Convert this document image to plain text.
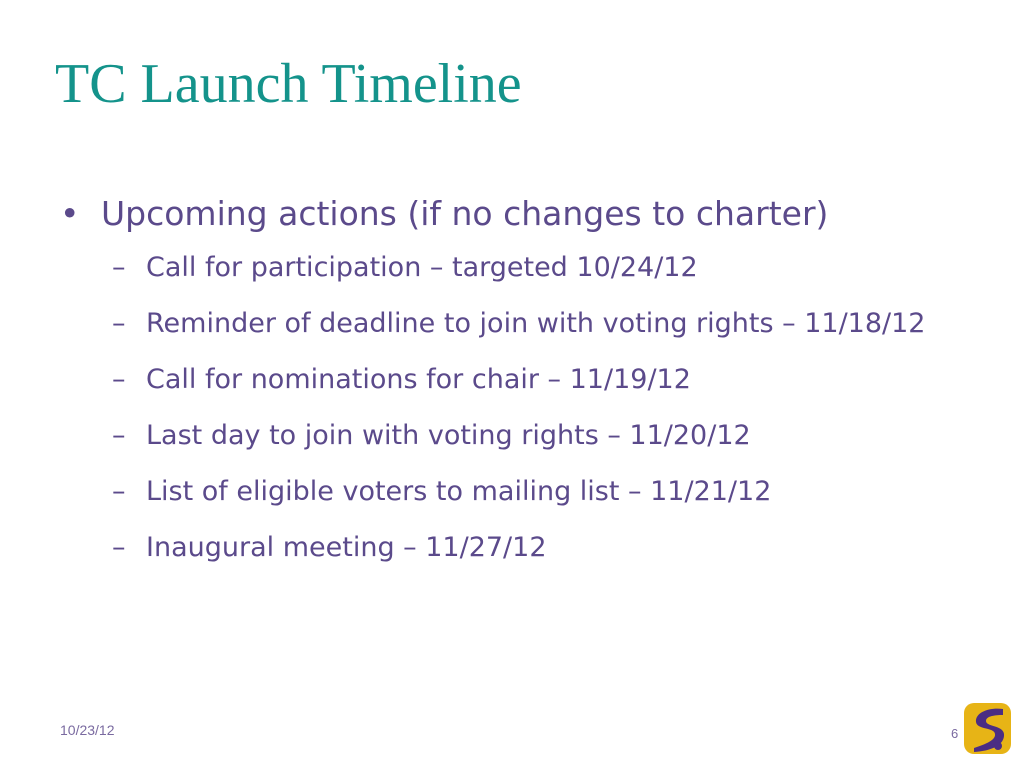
TC Launch Timeline
• Upcoming actions (if no changes to charter)
– Call for participation – targeted 10/24/12
– Reminder of deadline to join with voting rights – 11/18/12
– Call for nominations for chair – 11/19/12
– Last day to join with voting rights – 11/20/12
– List of eligible voters to mailing list – 11/21/12
– Inaugural meeting – 11/27/12
10/23/12	6
